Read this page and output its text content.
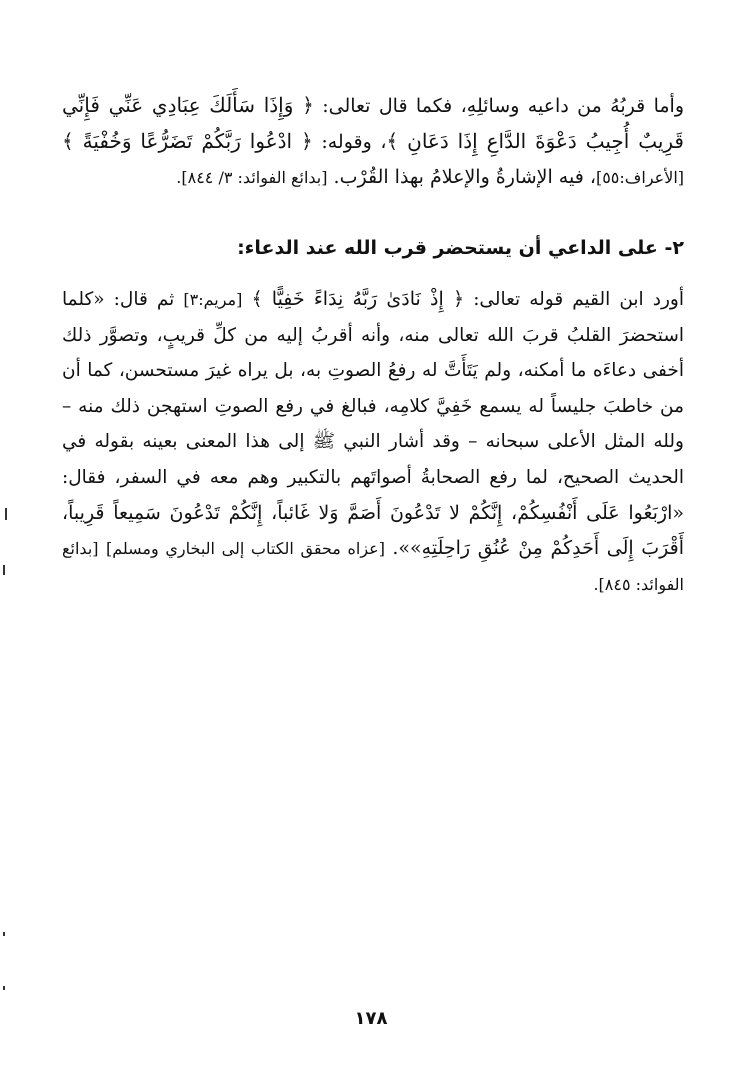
وأما قربُهُ من داعيه وسائلِهِ، فكما قال تعالى: ﴿ وَإِذَا سَأَلَكَ عِبَادِي عَنِّي فَإِنِّي قَرِيبٌ أُجِيبُ دَعْوَةَ الدَّاعِ إِذَا دَعَانِ ﴾، وقوله: ﴿ ادْعُوا رَبَّكُمْ تَضَرُّعًا وَخُفْيَةً ﴾ [الأعراف:٥٥]، فيه الإشارةُ والإعلامُ بهذا القُرْب. [بدائع الفوائد: ٣/ ٨٤٤].
٢- على الداعي أن يستحضر قرب الله عند الدعاء:
أورد ابن القيم قوله تعالى: ﴿ إِذْ نَادَىٰ رَبَّهُ نِدَاءً خَفِيًّا ﴾ [مريم:٣] ثم قال: «كلما استحضرَ القلبُ قربَ الله تعالى منه، وأنه أقربُ إليه من كلِّ قريبٍ، وتصوَّر ذلك أخفى دعاءَه ما أمكنه، ولم يَتَأَتَّ له رفعُ الصوتِ به، بل يراه غيرَ مستحسن، كما أن من خاطبَ جليساً له يسمع خَفِيَّ كلامِه، فبالغ في رفع الصوتِ استهجن ذلك منه – ولله المثل الأعلى سبحانه – وقد أشار النبي ﷺ إلى هذا المعنى بعينه بقوله في الحديث الصحيح، لما رفع الصحابةُ أصواتَهم بالتكبير وهم معه في السفر، فقال: «ارْبَعُوا عَلَى أَنْفُسِكُمْ، إِنَّكُمْ لا تَدْعُونَ أَصَمَّ وَلا غَائباً، إِنَّكُمْ تَدْعُونَ سَمِيعاً قَرِيباً، أَقْرَبَ إِلَى أَحَدِكُمْ مِنْ عُنُقِ رَاحِلَتِهِ»». [عزاه محقق الكتاب إلى البخاري ومسلم] [بدائع الفوائد: ٨٤٥].
١٧٨
